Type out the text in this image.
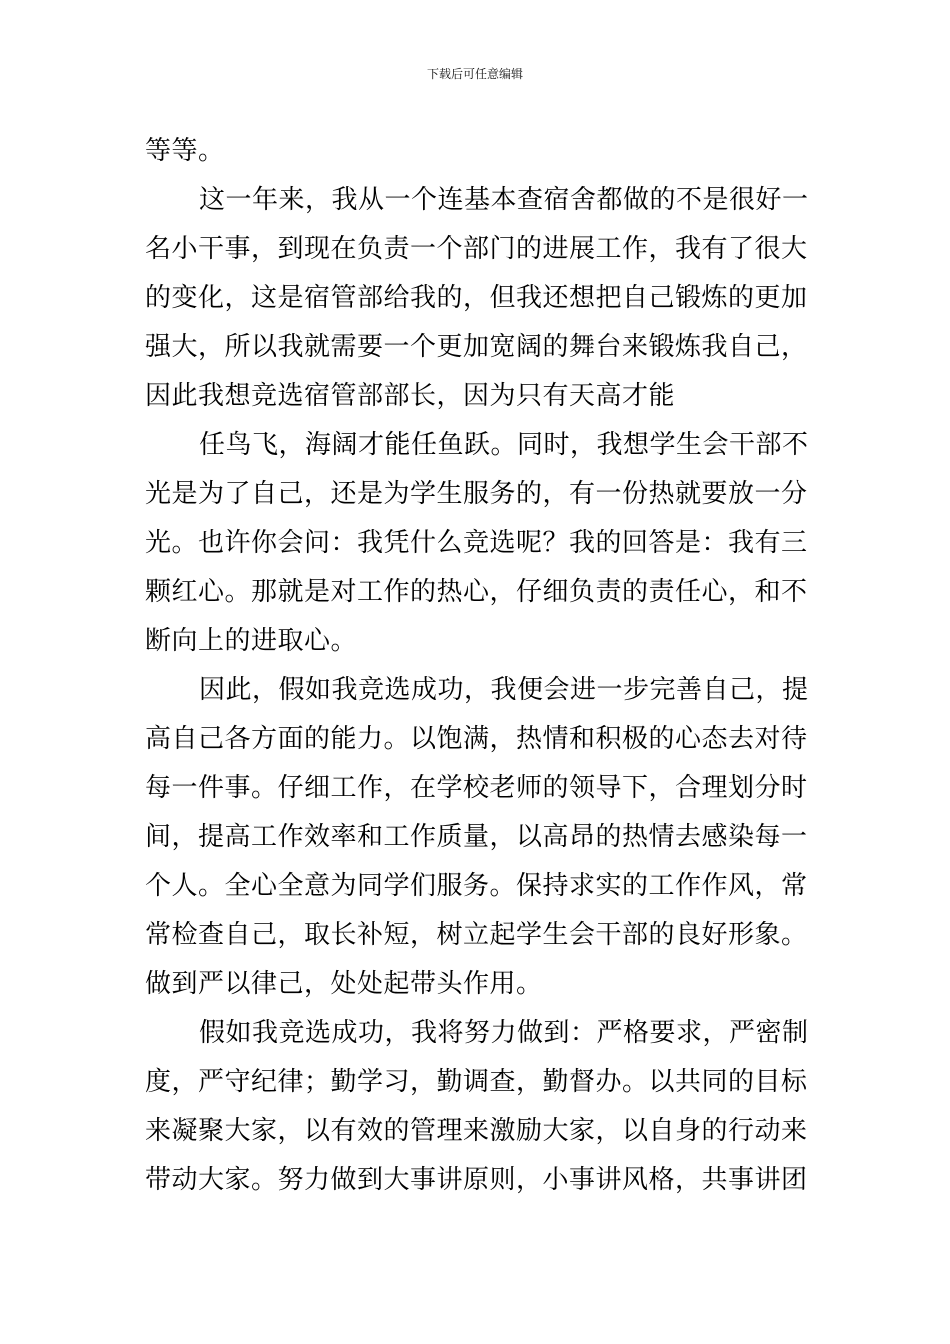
下载后可任意编辑

等等。

这一年来，我从一个连基本查宿舍都做的不是很好一
名小干事，到现在负责一个部门的进展工作，我有了很大
的变化，这是宿管部给我的，但我还想把自己锻炼的更加
强大，所以我就需要一个更加宽阔的舞台来锻炼我自己，
因此我想竞选宿管部部长，因为只有天高才能

任鸟飞，海阔才能任鱼跃。同时，我想学生会干部不
光是为了自己，还是为学生服务的，有一份热就要放一分
光。也许你会问：我凭什么竞选呢？我的回答是：我有三
颗红心。那就是对工作的热心，仔细负责的责任心，和不
断向上的进取心。

因此，假如我竞选成功，我便会进一步完善自己，提
高自己各方面的能力。以饱满，热情和积极的心态去对待
每一件事。仔细工作，在学校老师的领导下，合理划分时
间，提高工作效率和工作质量，以高昂的热情去感染每一
个人。全心全意为同学们服务。保持求实的工作作风，常
常检查自己，取长补短，树立起学生会干部的良好形象。
做到严以律己，处处起带头作用。

假如我竞选成功，我将努力做到：严格要求，严密制
度，严守纪律；勤学习，勤调查，勤督办。以共同的目标
来凝聚大家，以有效的管理来激励大家，以自身的行动来
带动大家。努力做到大事讲原则，小事讲风格，共事讲团
